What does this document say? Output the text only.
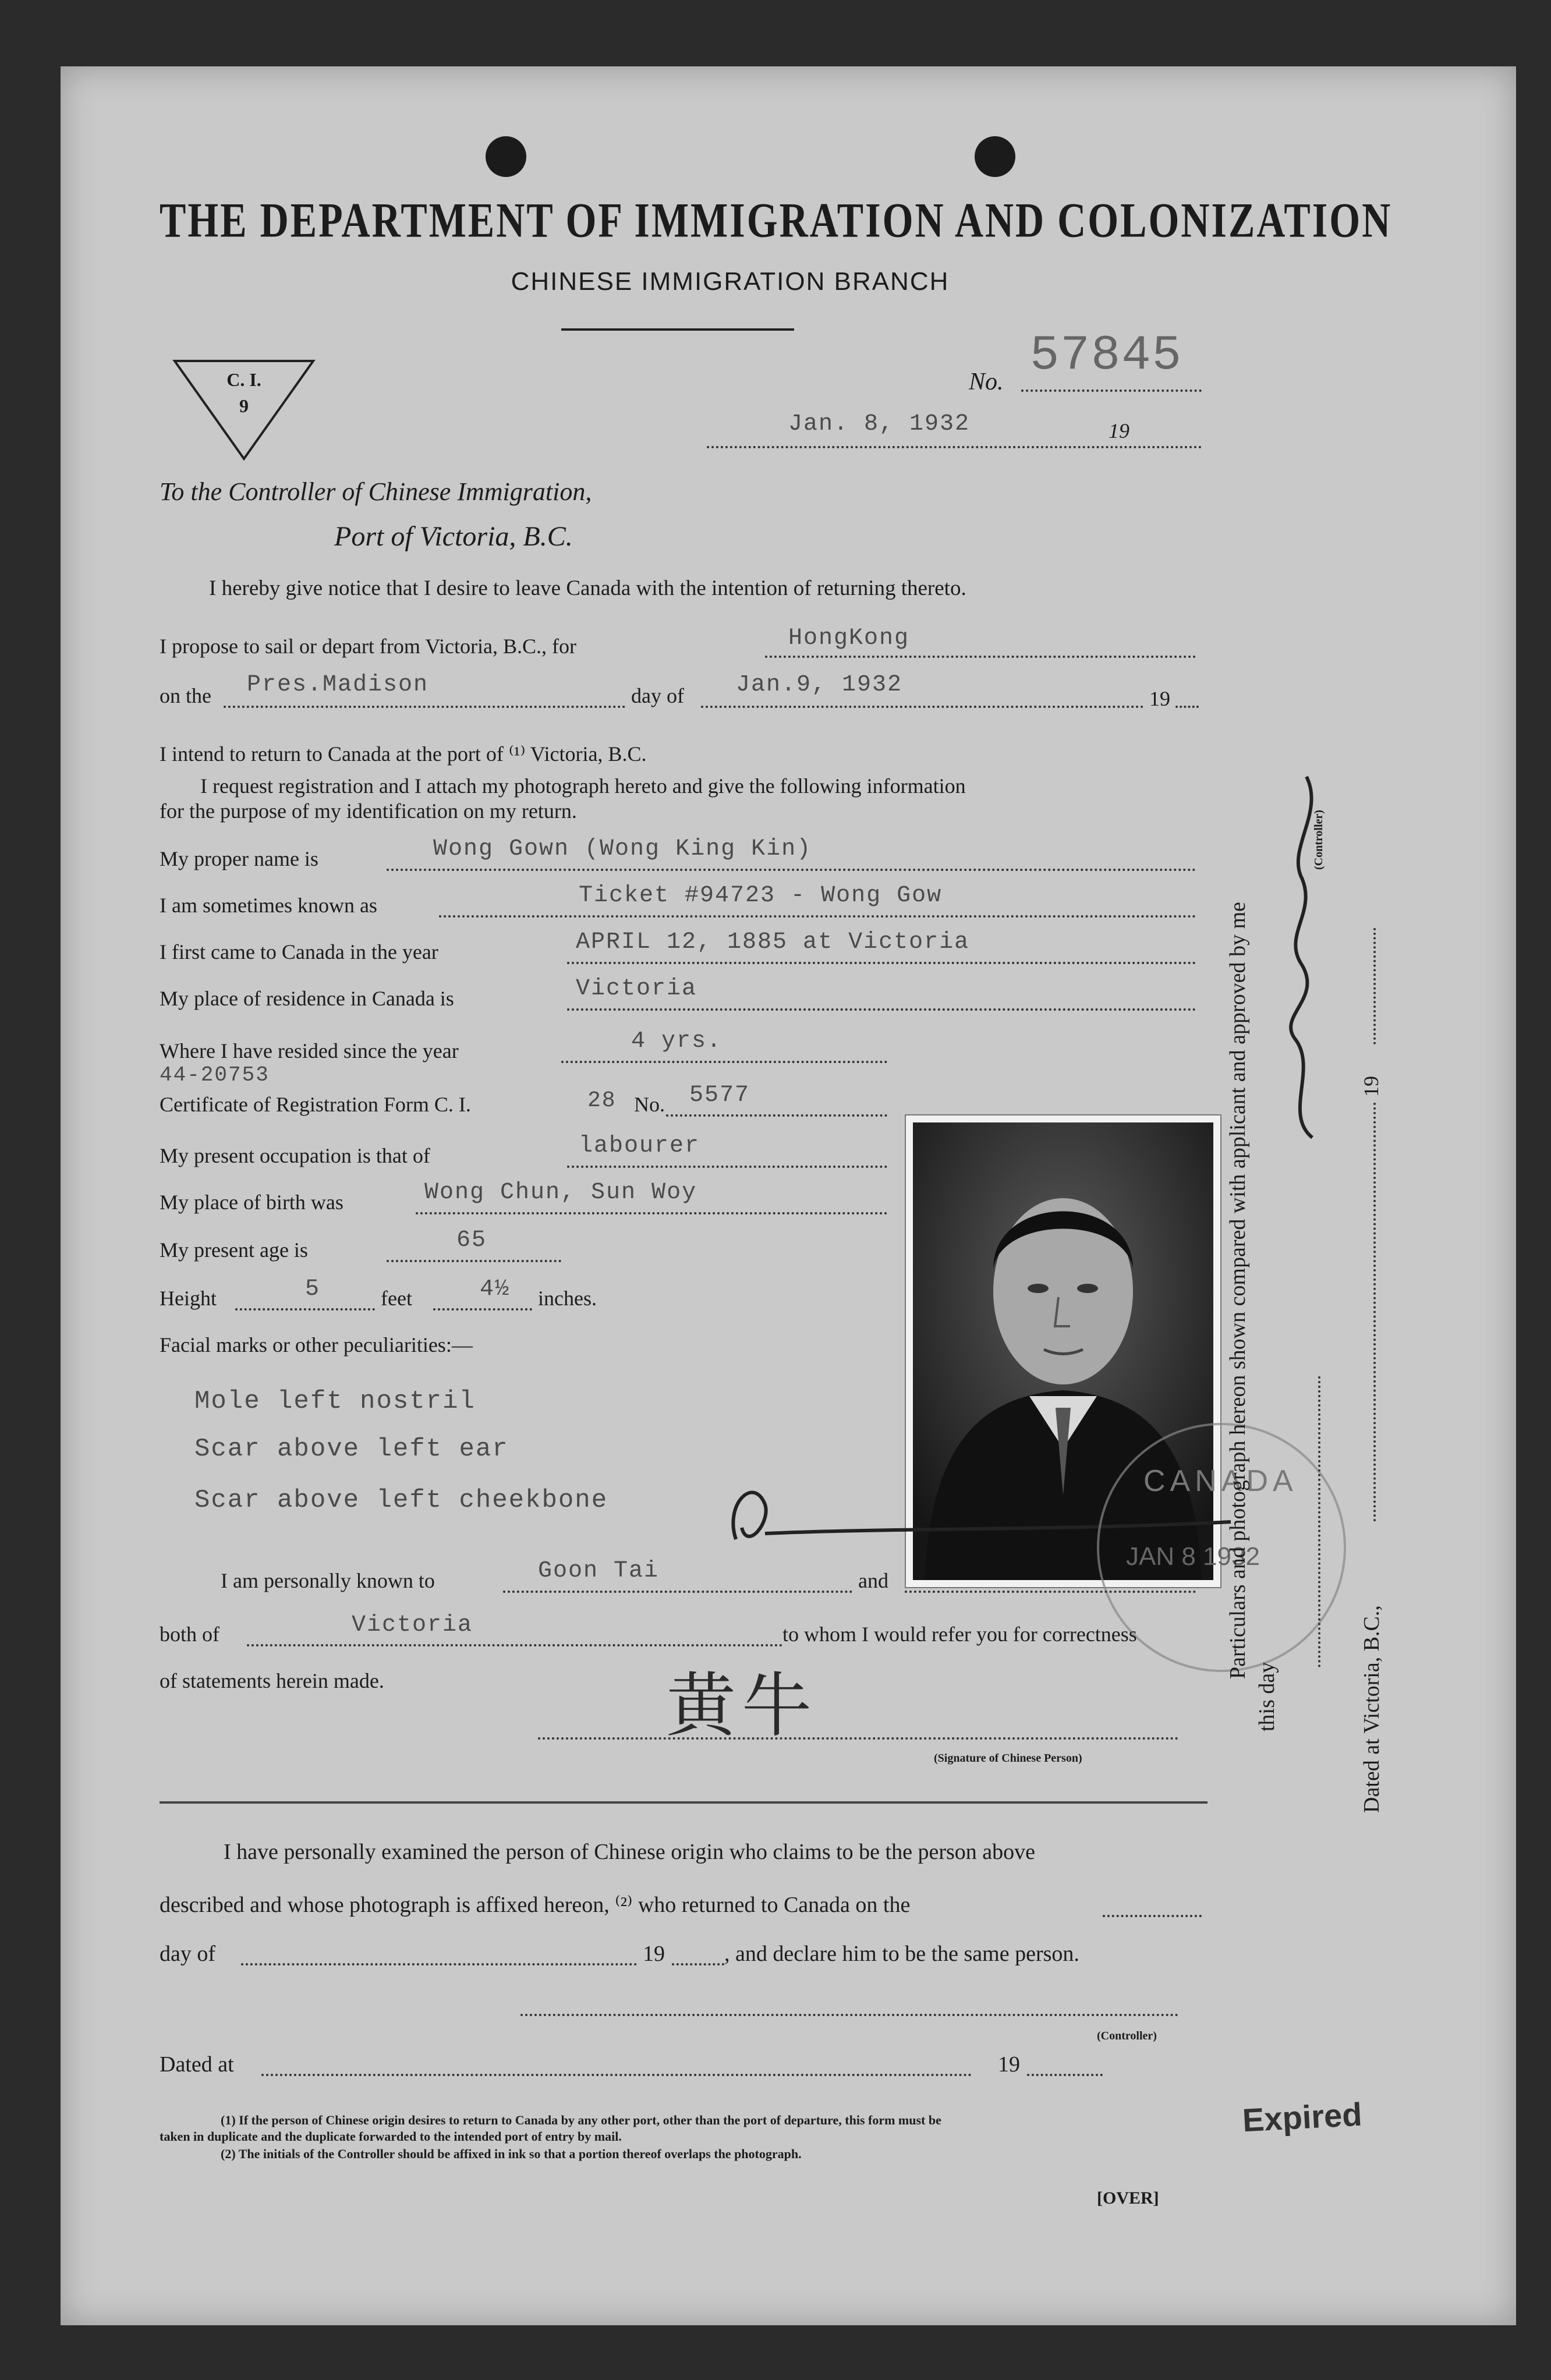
THE DEPARTMENT OF IMMIGRATION AND COLONIZATION
CHINESE IMMIGRATION BRANCH
C. I.
9
No. 57845
Jan. 8, 1932	19
To the Controller of Chinese Immigration,
Port of Victoria, B.C.
I hereby give notice that I desire to leave Canada with the intention of returning thereto.
I propose to sail or depart from Victoria, B.C., for	HongKong
on the Pres.Madison	day of Jan.9, 1932
19
I intend to return to Canada at the port of ⁽¹⁾ Victoria, B.C.
I request registration and I attach my photograph hereto and give the following information
for the purpose of my identification on my return.
My proper name is	Wong Gown (Wong King Kin)
I am sometimes known as	Ticket #94723 - Wong Gow
I first came to Canada in the year	APRIL 12, 1885 at Victoria
My place of residence in Canada is	Victoria
Where I have resided since the year	4 yrs.
44-20753
Certificate of Registration Form C. I.	28 No. 5577
My present occupation is that of	labourer
My place of birth was	Wong Chun, Sun Woy
My present age is	65
Height	5	feet	4½ inches.
Facial marks or other peculiarities:—
Mole left nostril
Scar above left ear
Scar above left cheekbone
CANADA
JAN 8 1932
I am personally known to	Goon Tai	and
both of	Victoria	to whom I would refer you for correctness
of statements herein made.	黄牛
(Signature of Chinese Person)
Particulars and photograph hereon shown compared with applicant and approved by me
this day
(Controller)
Dated at Victoria, B.C.,
19
I have personally examined the person of Chinese origin who claims to be the person above
described and whose photograph is affixed hereon, ⁽²⁾ who returned to Canada on the
day of	19	, and declare him to be the same person.
(Controller)
Dated at	19
Expired
(1) If the person of Chinese origin desires to return to Canada by any other port, other than the port of departure, this form must be
taken in duplicate and the duplicate forwarded to the intended port of entry by mail.
(2) The initials of the Controller should be affixed in ink so that a portion thereof overlaps the photograph.
[OVER]
